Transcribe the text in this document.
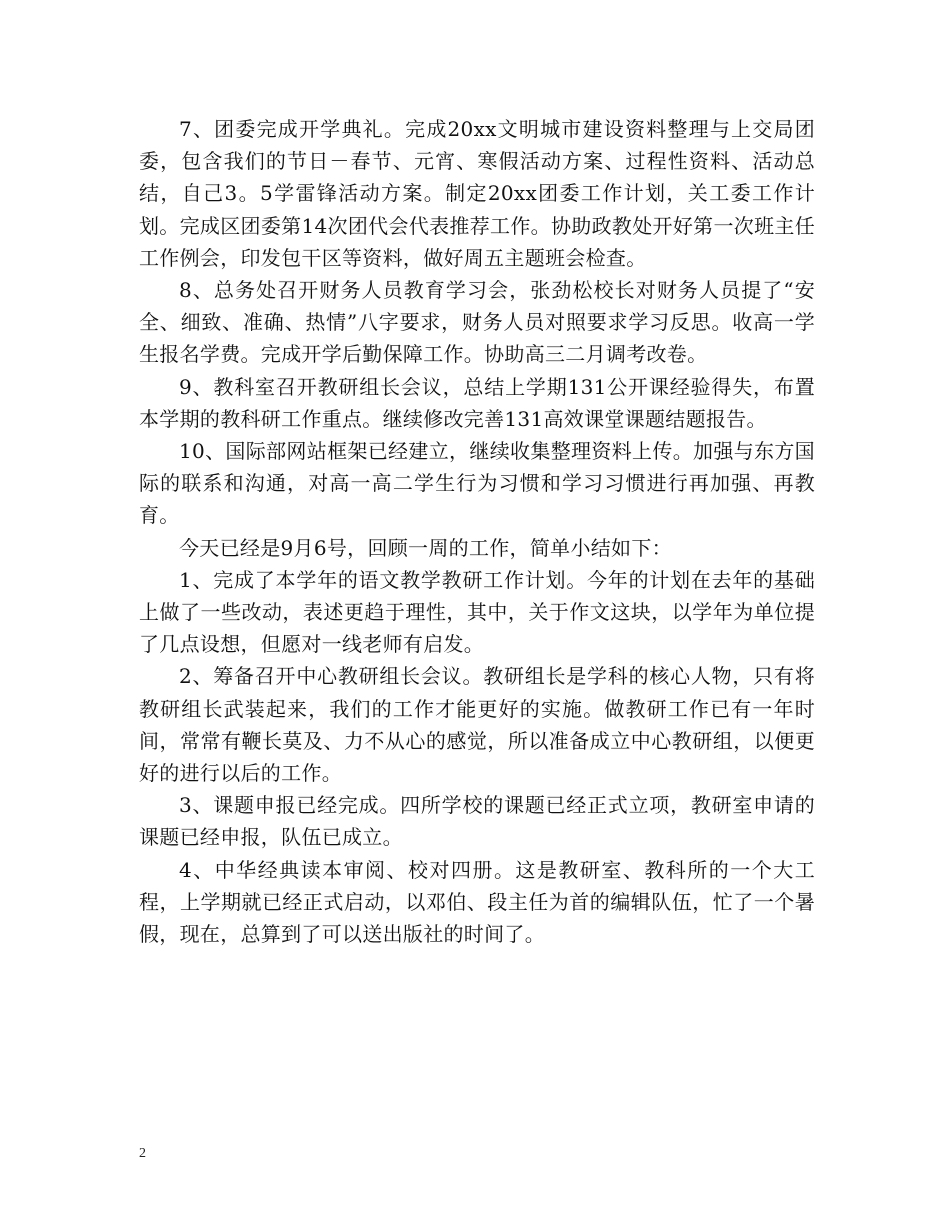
7、团委完成开学典礼。完成20xx文明城市建设资料整理与上交局团委，包含我们的节日－春节、元宵、寒假活动方案、过程性资料、活动总结，自己3。5学雷锋活动方案。制定20xx团委工作计划，关工委工作计划。完成区团委第14次团代会代表推荐工作。协助政教处开好第一次班主任工作例会，印发包干区等资料，做好周五主题班会检查。

8、总务处召开财务人员教育学习会，张劲松校长对财务人员提了“安全、细致、准确、热情”八字要求，财务人员对照要求学习反思。收高一学生报名学费。完成开学后勤保障工作。协助高三二月调考改卷。

9、教科室召开教研组长会议，总结上学期131公开课经验得失，布置本学期的教科研工作重点。继续修改完善131高效课堂课题结题报告。

10、国际部网站框架已经建立，继续收集整理资料上传。加强与东方国际的联系和沟通，对高一高二学生行为习惯和学习习惯进行再加强、再教育。

今天已经是9月6号，回顾一周的工作，简单小结如下：

1、完成了本学年的语文教学教研工作计划。今年的计划在去年的基础上做了一些改动，表述更趋于理性，其中，关于作文这块，以学年为单位提了几点设想，但愿对一线老师有启发。

2、筹备召开中心教研组长会议。教研组长是学科的核心人物，只有将教研组长武装起来，我们的工作才能更好的实施。做教研工作已有一年时间，常常有鞭长莫及、力不从心的感觉，所以准备成立中心教研组，以便更好的进行以后的工作。

3、课题申报已经完成。四所学校的课题已经正式立项，教研室申请的课题已经申报，队伍已成立。

4、中华经典读本审阅、校对四册。这是教研室、教科所的一个大工程，上学期就已经正式启动，以邓伯、段主任为首的编辑队伍，忙了一个暑假，现在，总算到了可以送出版社的时间了。

2
